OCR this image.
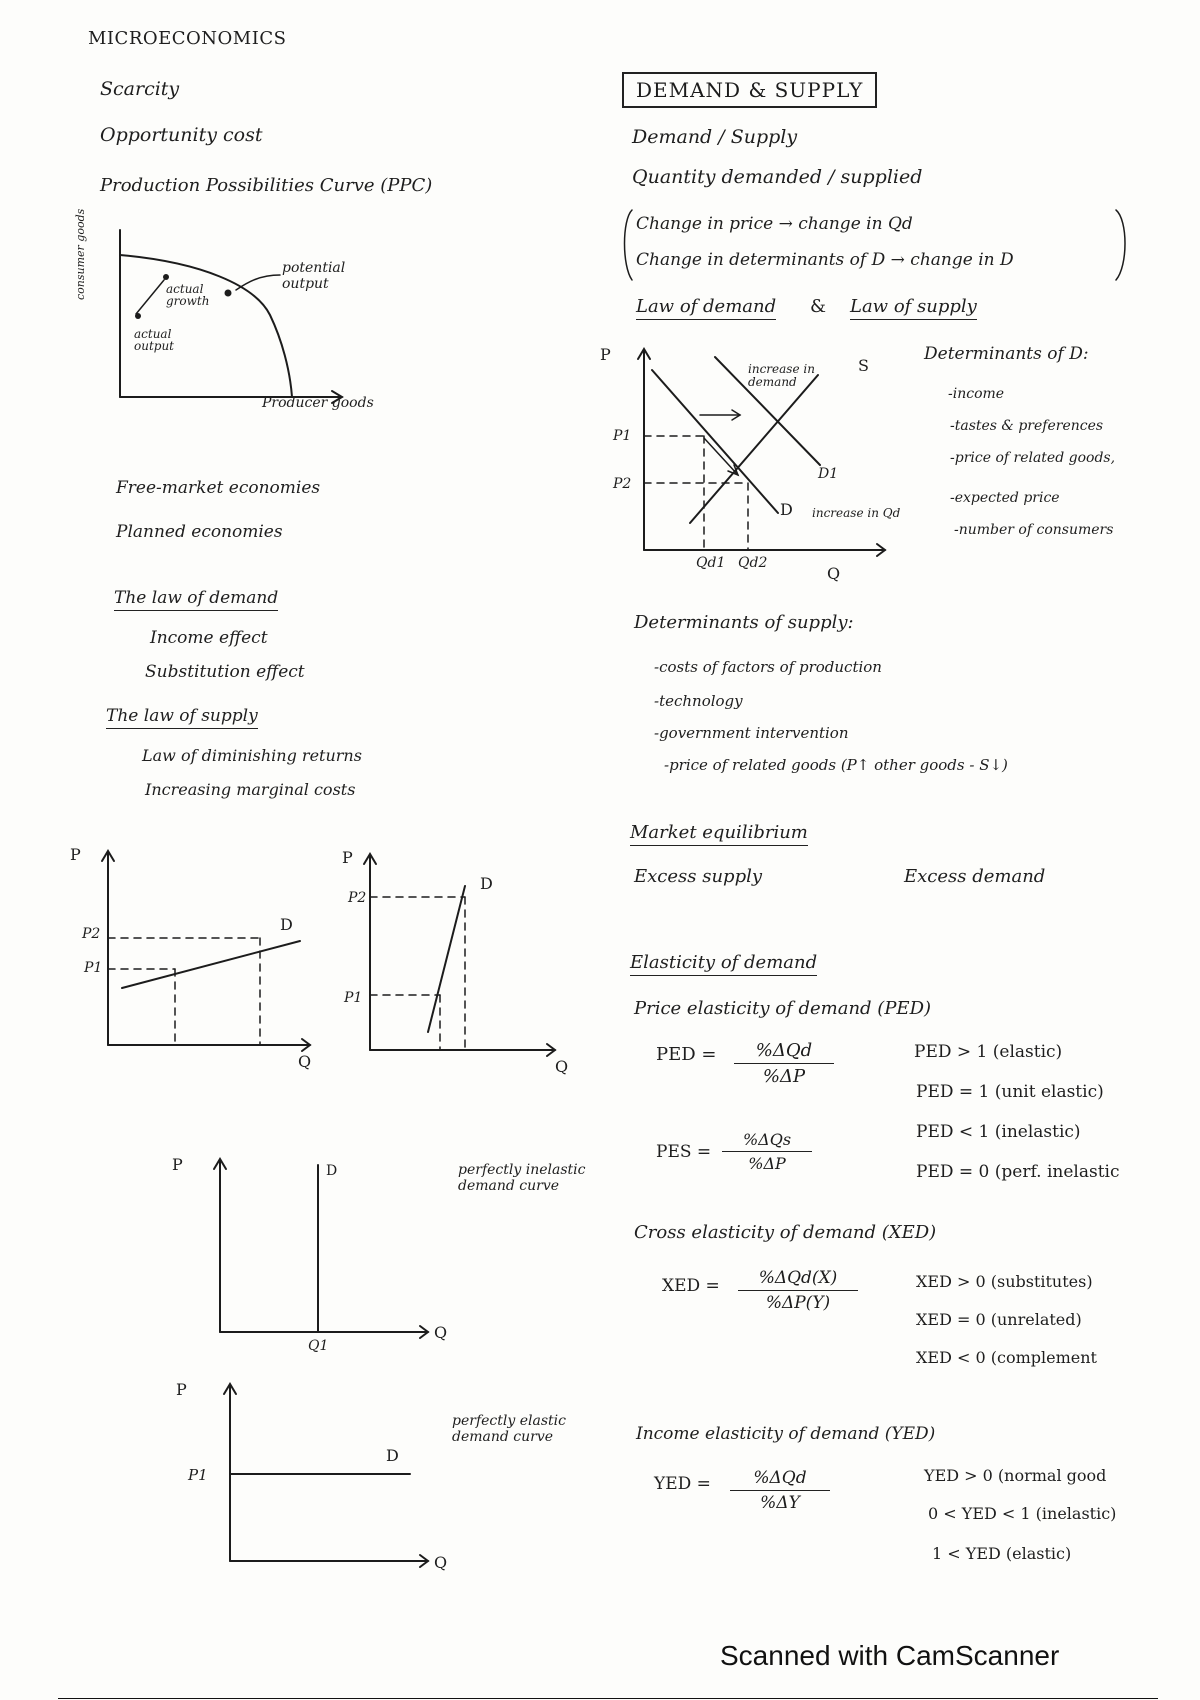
MICROECONOMICS
Scarcity
Opportunity cost
Production Possibilities Curve (PPC)
consumer goods
Producer goods
actual growth
actual output
potential output
Free-market economies
Planned economies
The law of demand
Income effect
Substitution effect
The law of supply
Law of diminishing returns
Increasing marginal costs
P
P2
P1
D
Q
P
P2
P1
D
Q
P	D
Q1
Q
perfectly inelastic demand curve
P
P1
D
Q
perfectly elastic demand curve
DEMAND & SUPPLY
Demand / Supply
Quantity demanded / supplied
Change in price → change in Qd
Change in determinants of D → change in D
Law of demand & Law of supply
P
P1
P2
Qd1 Qd2
Q
S
D
D1
increase in demand
increase in Qd
Determinants of D:
-income
-tastes & preferences
-price of related goods,
-expected price
-number of consumers
Determinants of supply:
-costs of factors of production
-technology
-government intervention
-price of related goods (P↑ other goods - S↓)
Market equilibrium
Excess supply	Excess demand
Elasticity of demand
Price elasticity of demand (PED)
PED =	%ΔQd
%ΔP
PED > 1 (elastic)
PED = 1 (unit elastic)
PED < 1 (inelastic)
PED = 0 (perf. inelastic
PES =
%ΔQs
%ΔP
Cross elasticity of demand (XED)
XED =	%ΔQd(X)
%ΔP(Y)
XED > 0 (substitutes)
XED = 0 (unrelated)
XED < 0 (complement
Income elasticity of demand (YED)
YED =	%ΔQd
%ΔY
YED > 0 (normal good
0 < YED < 1 (inelastic)
1 < YED (elastic)
Scanned with CamScanner
